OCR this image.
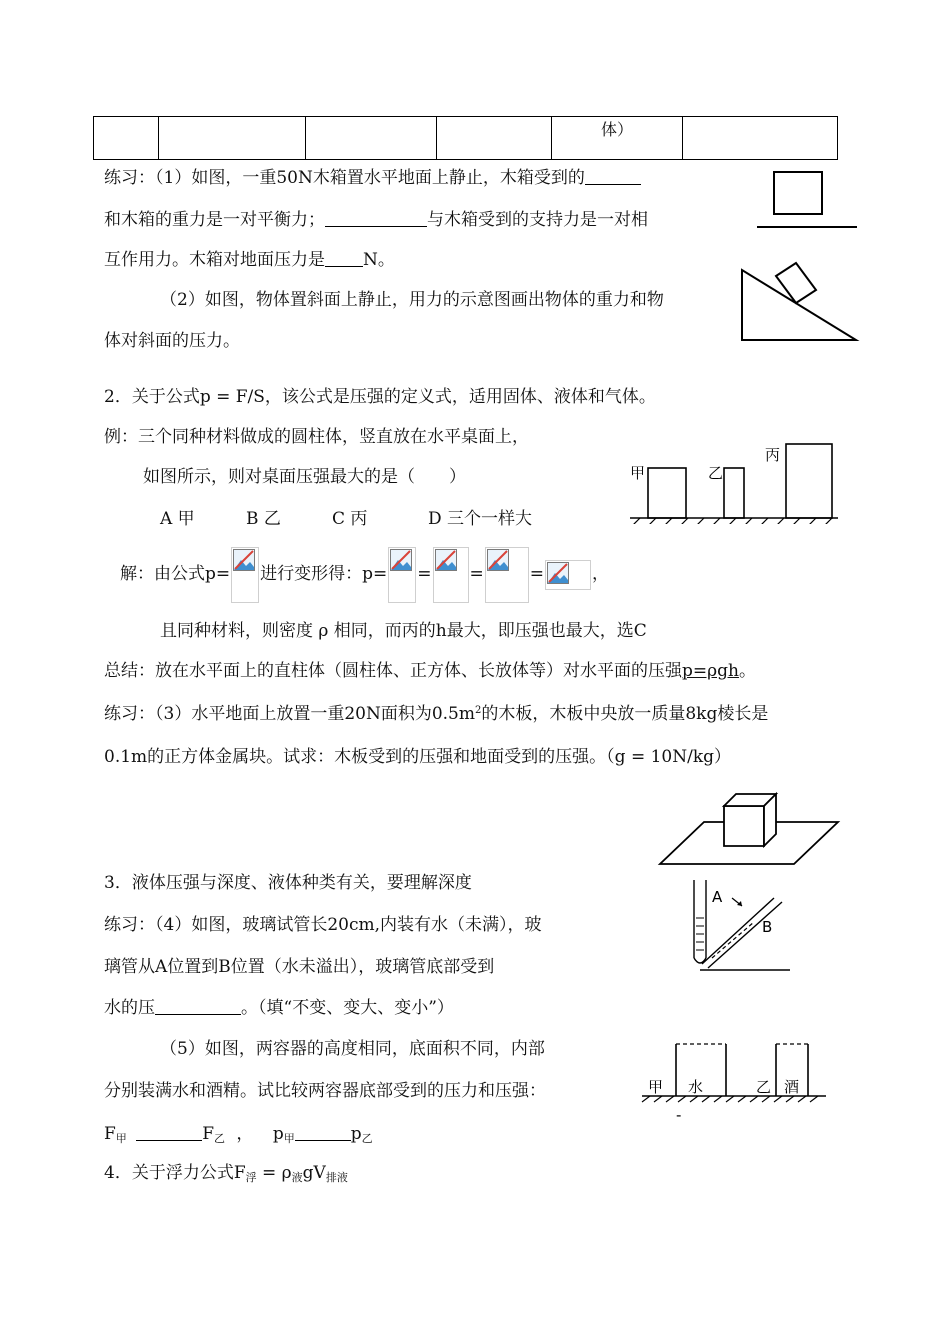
				体）	
练习：（1）如图，一重50N木箱置水平地面上静止，木箱受到的
和木箱的重力是一对平衡力；	与木箱受到的支持力是一对相
互作用力。木箱对地面压力是 N。
（2）如图，物体置斜面上静止，用力的示意图画出物体的重力和物
体对斜面的压力。
2．关于公式p = F/S，该公式是压强的定义式，适用固体、液体和气体。
例：三个同种材料做成的圆柱体，竖直放在水平桌面上，
如图所示，则对桌面压强最大的是（　　）
A 甲	B 乙	C 丙	D 三个一样大
甲	乙
丙
解：由公式p= 进行变形得：p= = =	=	，
且同种材料，则密度 ρ 相同，而丙的h最大，即压强也最大，选C
总结：放在水平面上的直柱体（圆柱体、正方体、长放体等）对水平面的压强p=ρgh。
练习：（3）水平地面上放置一重20N面积为$0.5m^2$的木板，木板中央放一质量8kg棱长是
0.1m的正方体金属块。试求：木板受到的压强和地面受到的压强。（g = 10N/kg）
3．液体压强与深度、液体种类有关，要理解深度
练习：（4）如图，玻璃试管长20cm,内装有水（未满），玻
璃管从A位置到B位置（水未溢出），玻璃管底部受到
水的压	。（填“不变、变大、变小”）
A
B
（5）如图，两容器的高度相同，底面积不同，内部
分别装满水和酒精。试比较两容器底部受到的压力和压强：
$F_甲$	$F_乙$ ， $p_甲$	$p_乙$
甲 水	乙 酒
-
4．关于浮力公式$F_浮 = \rho_液gV_{排液}$
